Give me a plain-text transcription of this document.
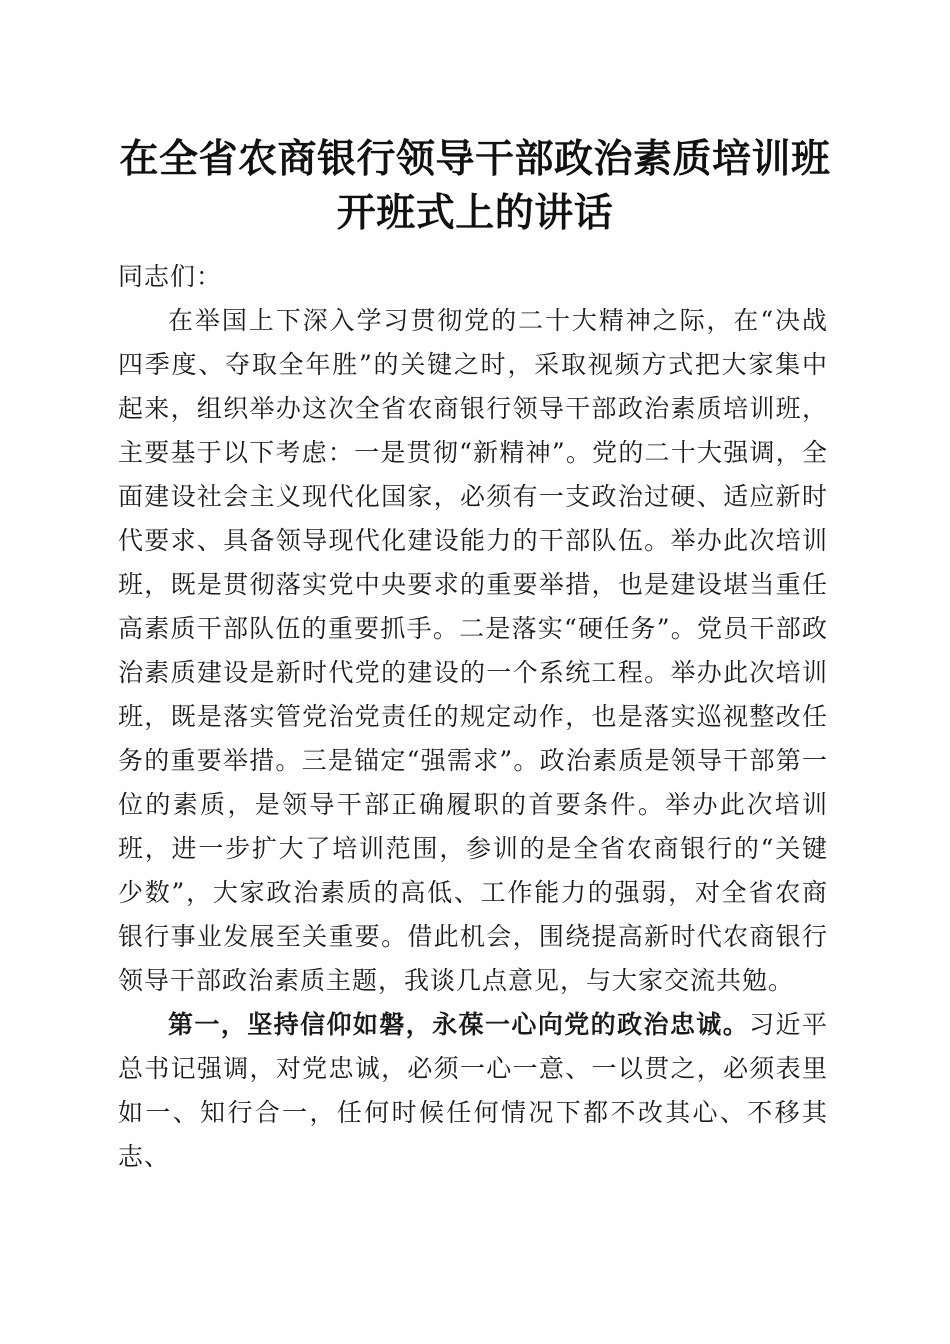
在全省农商银行领导干部政治素质培训班开班式上的讲话

同志们：

在举国上下深入学习贯彻党的二十大精神之际，在“决战四季度、夺取全年胜”的关键之时，采取视频方式把大家集中起来，组织举办这次全省农商银行领导干部政治素质培训班，主要基于以下考虑：一是贯彻“新精神”。党的二十大强调，全面建设社会主义现代化国家，必须有一支政治过硬、适应新时代要求、具备领导现代化建设能力的干部队伍。举办此次培训班，既是贯彻落实党中央要求的重要举措，也是建设堪当重任高素质干部队伍的重要抓手。二是落实“硬任务”。党员干部政治素质建设是新时代党的建设的一个系统工程。举办此次培训班，既是落实管党治党责任的规定动作，也是落实巡视整改任务的重要举措。三是锚定“强需求”。政治素质是领导干部第一位的素质，是领导干部正确履职的首要条件。举办此次培训班，进一步扩大了培训范围，参训的是全省农商银行的“关键少数”，大家政治素质的高低、工作能力的强弱，对全省农商银行事业发展至关重要。借此机会，围绕提高新时代农商银行领导干部政治素质主题，我谈几点意见，与大家交流共勉。

第一，坚持信仰如磐，永葆一心向党的政治忠诚。习近平总书记强调，对党忠诚，必须一心一意、一以贯之，必须表里如一、知行合一，任何时候任何情况下都不改其心、不移其志、
